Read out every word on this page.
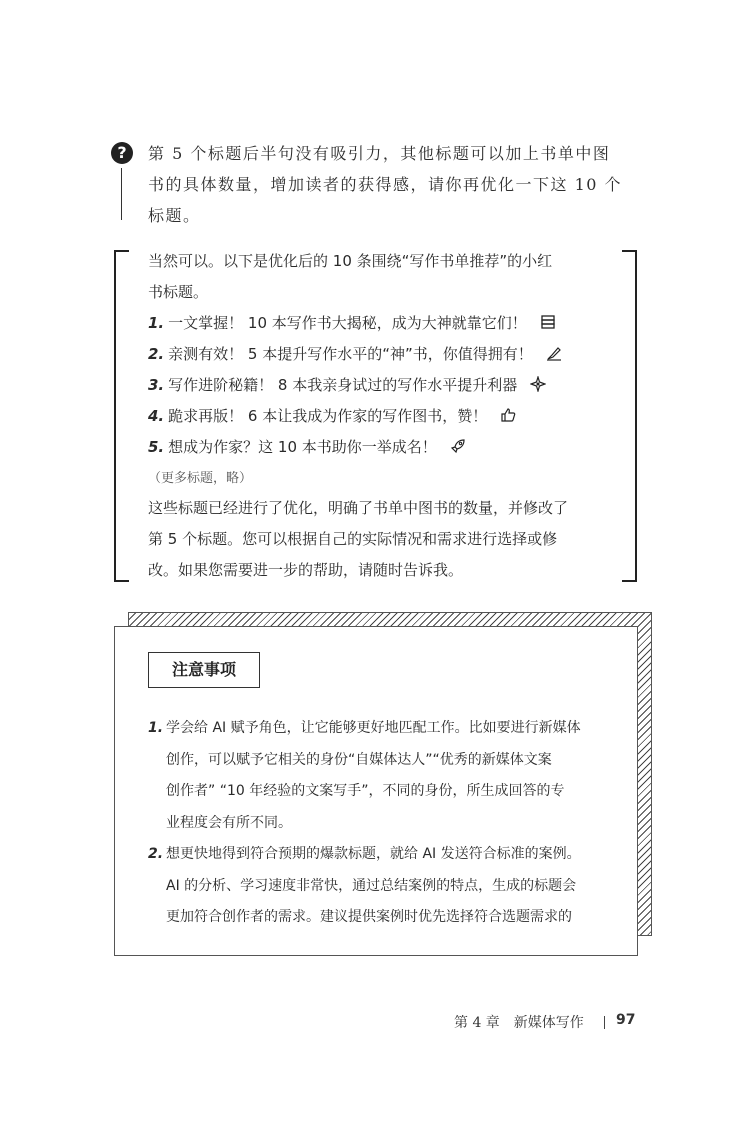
?	第 5 个标题后半句没有吸引力，其他标题可以加上书单中图
书的具体数量，增加读者的获得感，请你再优化一下这 10 个
标题。
当然可以。以下是优化后的 10 条围绕“写作书单推荐”的小红
书标题。
1. 一文掌握！ 10 本写作书大揭秘，成为大神就靠它们！
2. 亲测有效！ 5 本提升写作水平的“神”书，你值得拥有！
3. 写作进阶秘籍！ 8 本我亲身试过的写作水平提升利器
4. 跪求再版！ 6 本让我成为作家的写作图书，赞！
5. 想成为作家？这 10 本书助你一举成名！
（更多标题，略）
这些标题已经进行了优化，明确了书单中图书的数量，并修改了
第 5 个标题。您可以根据自己的实际情况和需求进行选择或修
改。如果您需要进一步的帮助，请随时告诉我。
注意事项
1. 学会给 AI 赋予角色，让它能够更好地匹配工作。比如要进行新媒体
创作，可以赋予它相关的身份“自媒体达人”“优秀的新媒体文案
创作者” “10 年经验的文案写手”，不同的身份，所生成回答的专
业程度会有所不同。
2. 想更快地得到符合预期的爆款标题，就给 AI 发送符合标准的案例。
AI 的分析、学习速度非常快，通过总结案例的特点，生成的标题会
更加符合创作者的需求。建议提供案例时优先选择符合选题需求的
第 4 章　新媒体写作 97
